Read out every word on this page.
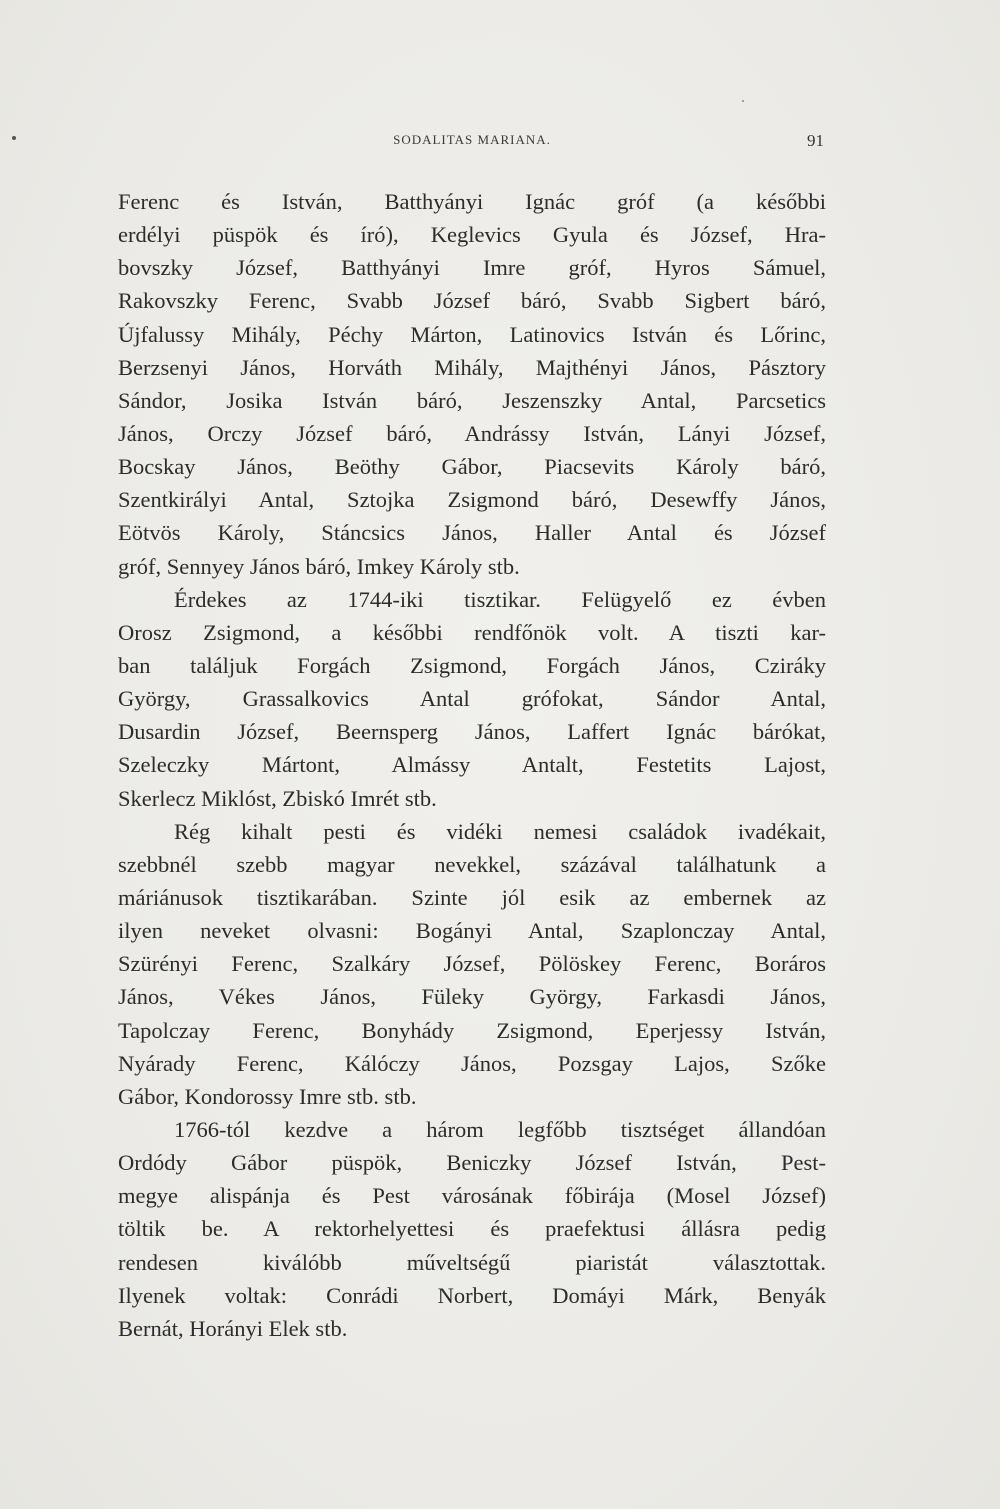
SODALITAS MARIANA.	91
Ferenc és István, Batthyányi Ignác gróf (a későbbi
erdélyi püspök és író), Keglevics Gyula és József, Hra-
bovszky József, Batthyányi Imre gróf, Hyros Sámuel,
Rakovszky Ferenc, Svabb József báró, Svabb Sigbert báró,
Újfalussy Mihály, Péchy Márton, Latinovics István és Lőrinc,
Berzsenyi János, Horváth Mihály, Majthényi János, Pásztory
Sándor, Josika István báró, Jeszenszky Antal, Parcsetics
János, Orczy József báró, Andrássy István, Lányi József,
Bocskay János, Beöthy Gábor, Piacsevits Károly báró,
Szentkirályi Antal, Sztojka Zsigmond báró, Desewffy János,
Eötvös Károly, Stáncsics János, Haller Antal és József
gróf, Sennyey János báró, Imkey Károly stb.
Érdekes az 1744-iki tisztikar. Felügyelő ez évben
Orosz Zsigmond, a későbbi rendfőnök volt. A tiszti kar-
ban találjuk Forgách Zsigmond, Forgách János, Cziráky
György, Grassalkovics Antal grófokat, Sándor Antal,
Dusardin József, Beernsperg János, Laffert Ignác bárókat,
Szeleczky Mártont, Almássy Antalt, Festetits Lajost,
Skerlecz Miklóst, Zbiskó Imrét stb.
Rég kihalt pesti és vidéki nemesi családok ivadékait,
szebbnél szebb magyar nevekkel, százával találhatunk a
máriánusok tisztikarában. Szinte jól esik az embernek az
ilyen neveket olvasni: Bogányi Antal, Szaplonczay Antal,
Szürényi Ferenc, Szalkáry József, Pölöskey Ferenc, Boráros
János, Vékes János, Füleky György, Farkasdi János,
Tapolczay Ferenc, Bonyhády Zsigmond, Eperjessy István,
Nyárady Ferenc, Kálóczy János, Pozsgay Lajos, Szőke
Gábor, Kondorossy Imre stb. stb.
1766-tól kezdve a három legfőbb tisztséget állandóan
Ordódy Gábor püspök, Beniczky József István, Pest-
megye alispánja és Pest városának főbirája (Mosel József)
töltik be. A rektorhelyettesi és praefektusi állásra pedig
rendesen kiválóbb műveltségű piaristát választottak.
Ilyenek voltak: Conrádi Norbert, Domáyi Márk, Benyák
Bernát, Horányi Elek stb.
